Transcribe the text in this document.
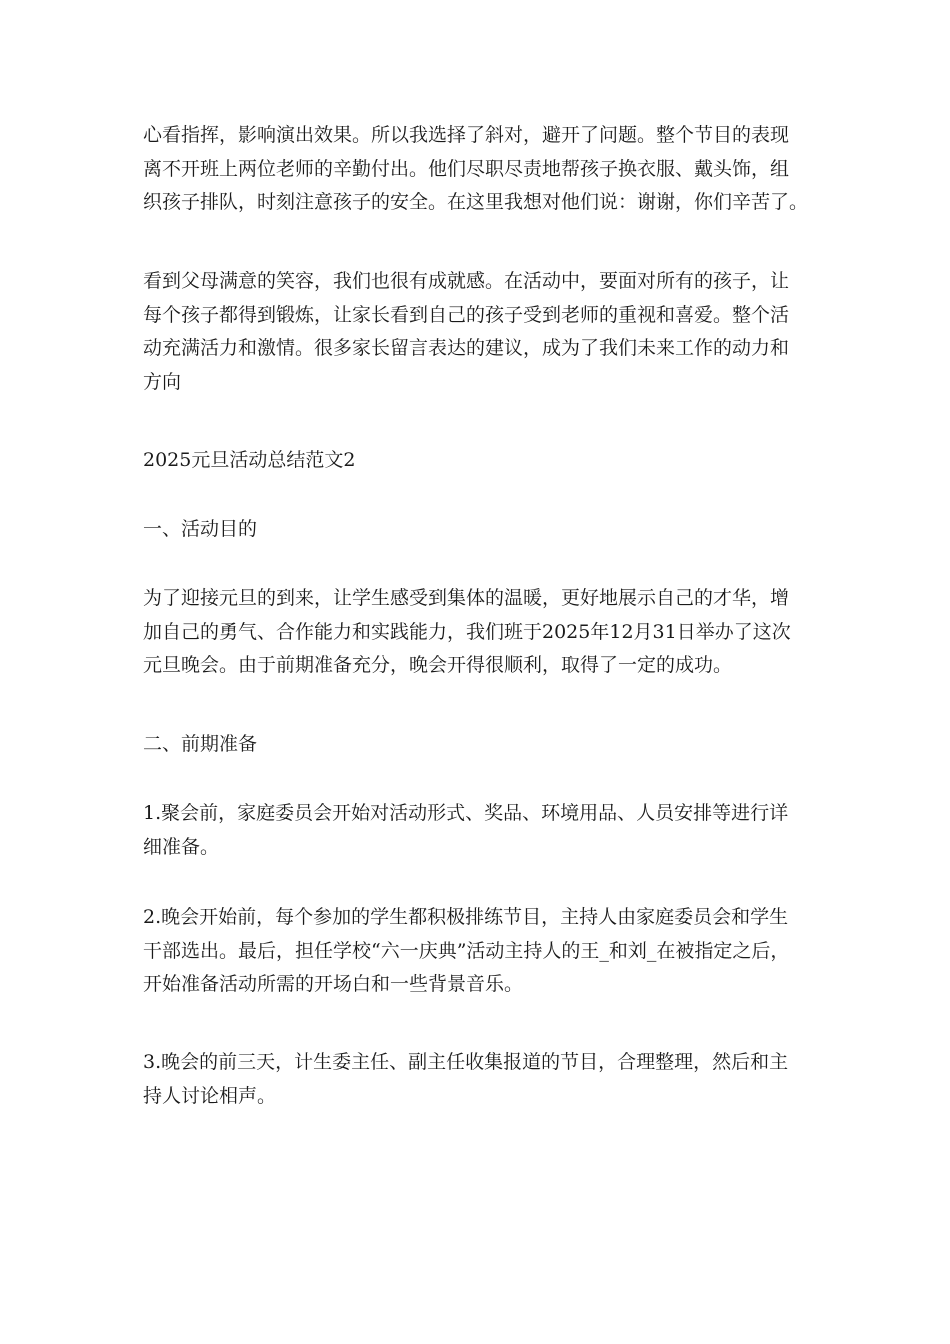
心看指挥，影响演出效果。所以我选择了斜对，避开了问题。整个节目的表现
离不开班上两位老师的辛勤付出。他们尽职尽责地帮孩子换衣服、戴头饰，组
织孩子排队，时刻注意孩子的安全。在这里我想对他们说：谢谢，你们辛苦了。
看到父母满意的笑容，我们也很有成就感。在活动中，要面对所有的孩子，让
每个孩子都得到锻炼，让家长看到自己的孩子受到老师的重视和喜爱。整个活
动充满活力和激情。很多家长留言表达的建议，成为了我们未来工作的动力和
方向
2025元旦活动总结范文2
一、活动目的
为了迎接元旦的到来，让学生感受到集体的温暖，更好地展示自己的才华，增
加自己的勇气、合作能力和实践能力，我们班于2025年12月31日举办了这次
元旦晚会。由于前期准备充分，晚会开得很顺利，取得了一定的成功。
二、前期准备
1.聚会前，家庭委员会开始对活动形式、奖品、环境用品、人员安排等进行详
细准备。
2.晚会开始前，每个参加的学生都积极排练节目，主持人由家庭委员会和学生
干部选出。最后，担任学校“六一庆典”活动主持人的王_和刘_在被指定之后，
开始准备活动所需的开场白和一些背景音乐。
3.晚会的前三天，计生委主任、副主任收集报道的节目，合理整理，然后和主
持人讨论相声。
